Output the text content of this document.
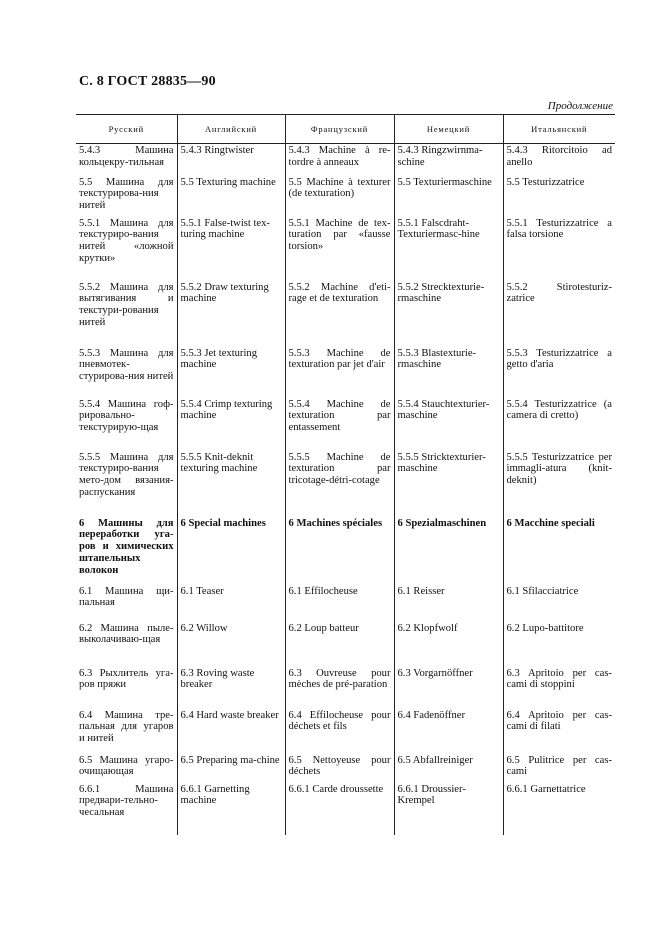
С. 8 ГОСТ 28835—90
Продолжение
Русский	Английский	Французский	Немецкий	Итальянский
5.4.3 Машина кольцекру-тильная	5.4.3 Ringtwister	5.4.3 Machine à re-tordre à anneaux	5.4.3 Ringzwirnma-schine	5.4.3 Ritorcitoio ad anello
5.5 Машина для текстурирова-ния нитей	5.5 Texturing machine	5.5 Machine à texturer (de texturation)	5.5 Texturiermaschine	5.5 Testurizzatrice
5.5.1 Машина для текстуриро-вания нитей «ложной крутки»	5.5.1 False-twist tex-turing machine	5.5.1 Machine de tex-turation par «fausse torsion»	5.5.1 Falscdraht-Texturiermasc-hine	5.5.1 Testurizzatrice a falsa torsione
5.5.2 Машина для вытягивания и текстури-рования нитей	5.5.2 Draw texturing machine	5.5.2 Machine d'eti-rage et de texturation	5.5.2 Strecktexturie-rmaschine	5.5.2 Stirotesturiz-zatrice
5.5.3 Машина для пневмотек-стурирова-ния нитей	5.5.3 Jet texturing machine	5.5.3 Machine de texturation par jet d'air	5.5.3 Blastexturie-rmaschine	5.5.3 Testurizzatrice a getto d'aria
5.5.4 Машина гоф-рировально-текстурирую-щая	5.5.4 Crimp texturing machine	5.5.4 Machine de texturation par entassement	5.5.4 Stauchtexturier-maschine	5.5.4 Testurizzatrice (a camera di cretto)
5.5.5 Машина для текстуриро-вания мето-дом вязания-распускания	5.5.5 Knit-deknit texturing machine	5.5.5 Machine de texturation par tricotage-détri-cotage	5.5.5 Stricktexturier-maschine	5.5.5 Testurizzatrice per immagli-atura (knit-deknit)
6 Машины для переработки уга-ров и химических штапельных волокон	6 Special machines	6 Machines spéciales	6 Spezialmaschinen	6 Macchine speciali
6.1 Машина щи-пальная	6.1 Teaser	6.1 Effilocheuse	6.1 Reisser	6.1 Sfilacciatrice
6.2 Машина пыле-выколачиваю-щая	6.2 Willow	6.2 Loup batteur	6.2 Klopfwolf	6.2 Lupo-battitore
6.3 Рыхлитель уга-ров пряжи	6.3 Roving waste breaker	6.3 Ouvreuse pour mèches de pré-paration	6.3 Vorgarnöffner	6.3 Apritoio per cas-cami di stoppini
6.4 Машина тре-пальная для угаров и нитей	6.4 Hard waste breaker	6.4 Effilocheuse pour déchets et fils	6.4 Fadenöffner	6.4 Apritoio per cas-cami di filati
6.5 Машина угаро-очищающая	6.5 Preparing ma-chine	6.5 Nettoyeuse pour déchets	6.5 Abfallreiniger	6.5 Pulitrice per cas-cami
6.6.1 Машина предвари-тельно-чесальная	6.6.1 Garnetting machine	6.6.1 Carde droussette	6.6.1 Droussier-Krempel	6.6.1 Garnettatrice
